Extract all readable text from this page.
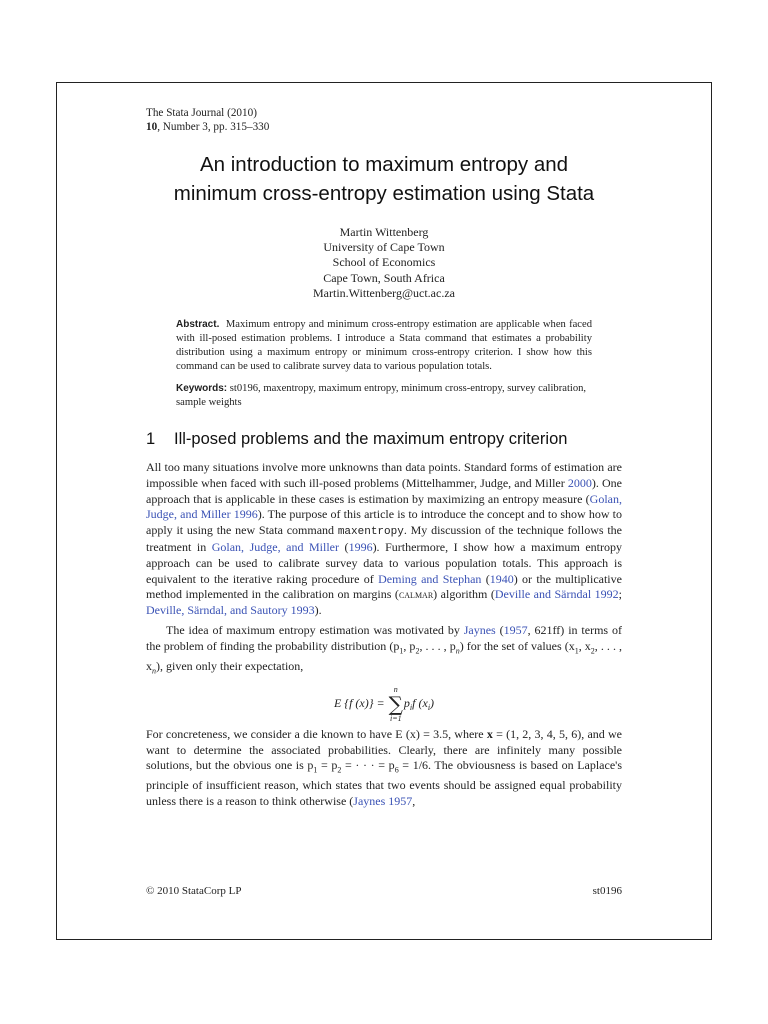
The Stata Journal (2010)
10, Number 3, pp. 315–330
An introduction to maximum entropy and
minimum cross-entropy estimation using Stata
Martin Wittenberg
University of Cape Town
School of Economics
Cape Town, South Africa
Martin.Wittenberg@uct.ac.za
Abstract. Maximum entropy and minimum cross-entropy estimation are applicable when faced with ill-posed estimation problems. I introduce a Stata command that estimates a probability distribution using a maximum entropy or minimum cross-entropy criterion. I show how this command can be used to calibrate survey data to various population totals.
Keywords: st0196, maxentropy, maximum entropy, minimum cross-entropy, survey calibration, sample weights
1 Ill-posed problems and the maximum entropy criterion

All too many situations involve more unknowns than data points. Standard forms of estimation are impossible when faced with such ill-posed problems (Mittelhammer, Judge, and Miller 2000). One approach that is applicable in these cases is estimation by maximizing an entropy measure (Golan, Judge, and Miller 1996). The purpose of this article is to introduce the concept and to show how to apply it using the new Stata command maxentropy. My discussion of the technique follows the treatment in Golan, Judge, and Miller (1996). Furthermore, I show how a maximum entropy approach can be used to calibrate survey data to various population totals. This approach is equivalent to the iterative raking procedure of Deming and Stephan (1940) or the multiplicative method implemented in the calibration on margins (calmar) algorithm (Deville and Särndal 1992; Deville, Särndal, and Sautory 1993).

The idea of maximum entropy estimation was motivated by Jaynes (1957, 621ff) in terms of the problem of finding the probability distribution ($p_1$, $p_2$, . . . , $p_n$) for the set of values ($x_1$, $x_2$, . . . , $x_n$), given only their expectation,

E {f (x)} =
n
∑
i=1
$p_if$ $(x_i)$

For concreteness, we consider a die known to have E (x) = 3.5, where x = (1, 2, 3, 4, 5, 6), and we want to determine the associated probabilities. Clearly, there are infinitely many possible solutions, but the obvious one is $p_1 = p_2$ = · · · = $p_6 = 1/6$. The obviousness is based on Laplace's principle of insufficient reason, which states that two events should be assigned equal probability unless there is a reason to think otherwise (Jaynes 1957,

© 2010 StataCorp LP	st0196
